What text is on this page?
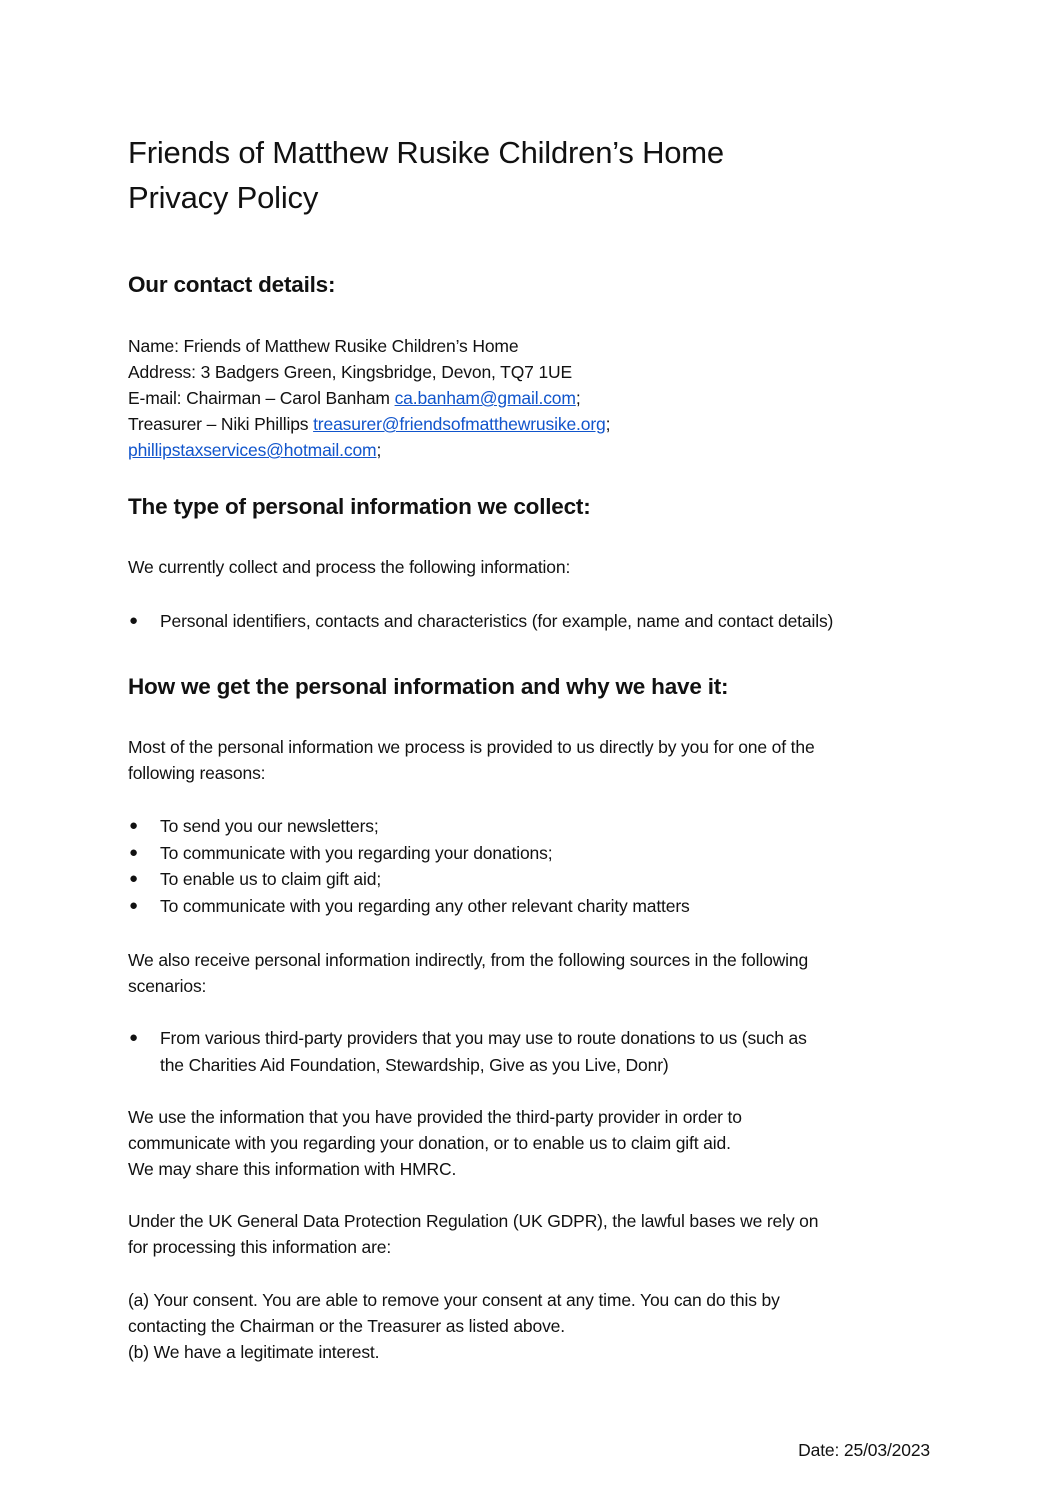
Friends of Matthew Rusike Children’s Home
Privacy Policy
Our contact details:
Name: Friends of Matthew Rusike Children’s Home
Address: 3 Badgers Green, Kingsbridge, Devon, TQ7 1UE
E-mail: Chairman – Carol Banham ca.banham@gmail.com;
Treasurer – Niki Phillips treasurer@friendsofmatthewrusike.org;
phillipstaxservices@hotmail.com;
The type of personal information we collect:
We currently collect and process the following information:
● Personal identifiers, contacts and characteristics (for example, name and contact details)
How we get the personal information and why we have it:
Most of the personal information we process is provided to us directly by you for one of the
following reasons:
● To send you our newsletters;
● To communicate with you regarding your donations;
● To enable us to claim gift aid;
● To communicate with you regarding any other relevant charity matters
We also receive personal information indirectly, from the following sources in the following
scenarios:
● From various third-party providers that you may use to route donations to us (such as
the Charities Aid Foundation, Stewardship, Give as you Live, Donr)
We use the information that you have provided the third-party provider in order to
communicate with you regarding your donation, or to enable us to claim gift aid.
We may share this information with HMRC.
Under the UK General Data Protection Regulation (UK GDPR), the lawful bases we rely on
for processing this information are:
(a) Your consent. You are able to remove your consent at any time. You can do this by
contacting the Chairman or the Treasurer as listed above.
(b) We have a legitimate interest.
Date: 25/03/2023
